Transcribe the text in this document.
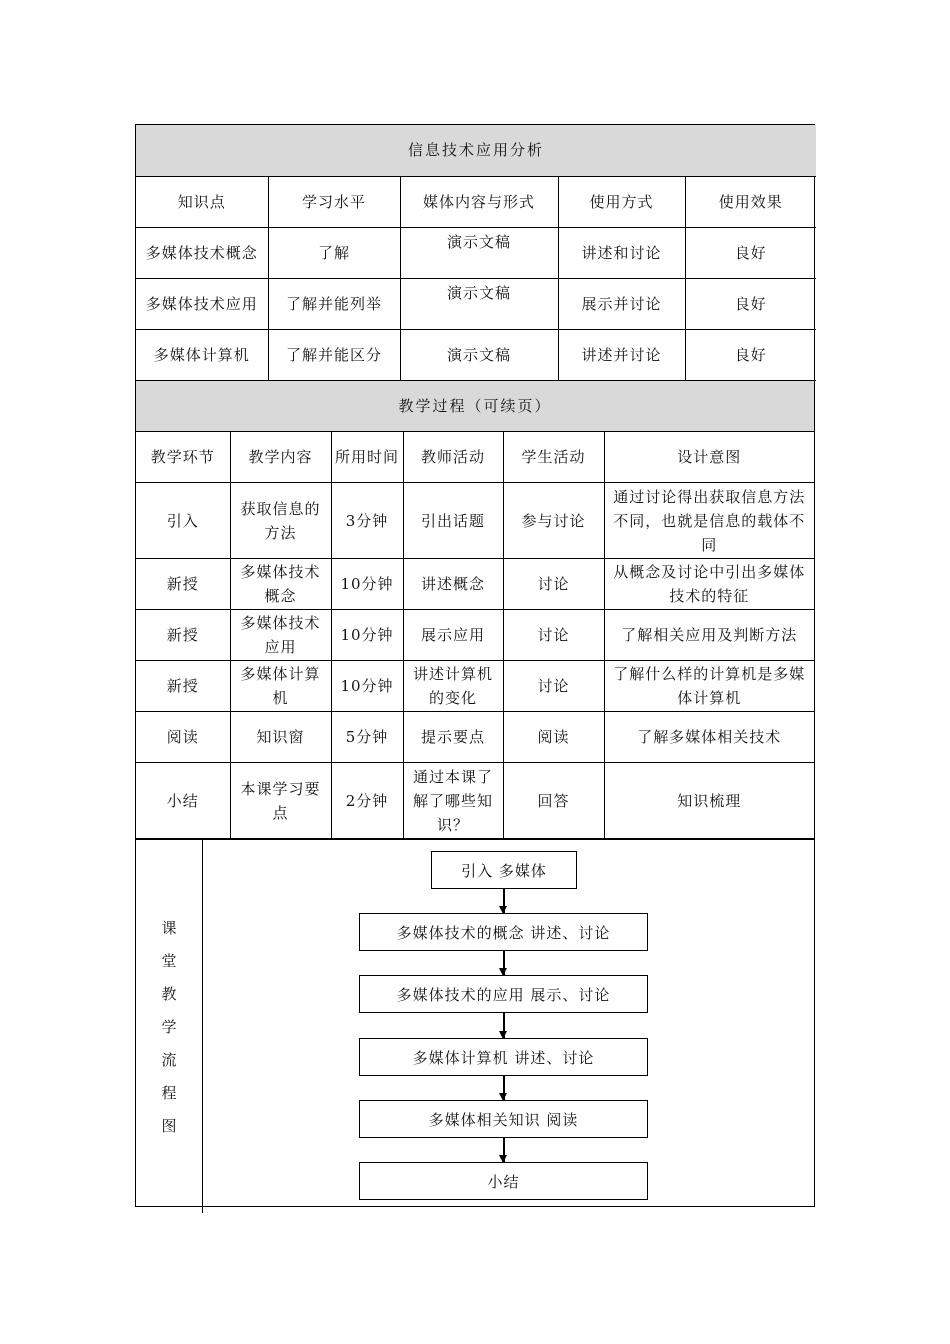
信息技术应用分析				
知识点	学习水平	媒体内容与形式	使用方式	使用效果
多媒体技术概念	了解	演示文稿	讲述和讨论	良好
多媒体技术应用	了解并能列举	演示文稿	展示并讨论	良好
多媒体计算机	了解并能区分	演示文稿	讲述并讨论	良好
教学过程（可续页）					
教学环节	教学内容	所用时间	教师活动	学生活动	设计意图
引入	获取信息的方法	3分钟	引出话题	参与讨论	通过讨论得出获取信息方法不同，也就是信息的载体不同
新授	多媒体技术概念	10分钟	讲述概念	讨论	从概念及讨论中引出多媒体技术的特征
新授	多媒体技术应用	10分钟	展示应用	讨论	了解相关应用及判断方法
新授	多媒体计算机	10分钟	讲述计算机的变化	讨论	了解什么样的计算机是多媒体计算机
阅读	知识窗	5分钟	提示要点	阅读	了解多媒体相关技术
小结	本课学习要点	2分钟	通过本课了解了哪些知识？	回答	知识梳理
课
堂
教
学
流
程
图
引入 多媒体
多媒体技术的概念 讲述、讨论
多媒体技术的应用 展示、讨论
多媒体计算机 讲述、讨论
多媒体相关知识 阅读
小结
